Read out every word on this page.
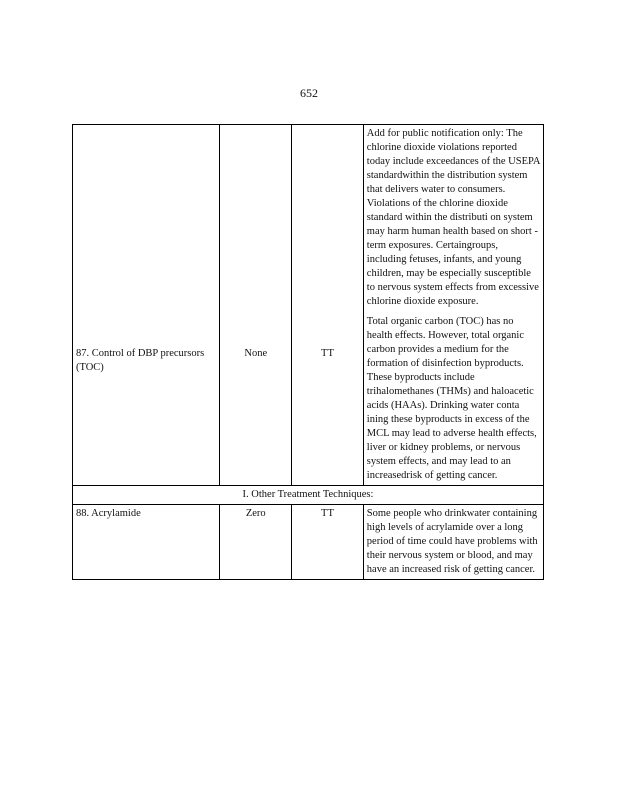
652
87. Control of DBP precursors (TOC)	None	TT	Add for public notification only: The chlorine dioxide violations reported today include exceedances of the USEPA standardwithin the distribution system that delivers water to consumers. Violations of the chlorine dioxide standard within the distributi on system may harm human health based on short - term exposures. Certaingroups, including fetuses, infants, and young children, may be especially susceptible to nervous system effects from excessive chlorine dioxide exposure.

Total organic carbon (TOC) has no health effects. However, total organic carbon provides a medium for the formation of disinfection byproducts. These byproducts include trihalomethanes (THMs) and haloacetic acids (HAAs). Drinking water conta ining these byproducts in excess of the MCL may lead to adverse health effects, liver or kidney problems, or nervous system effects, and may lead to an increasedrisk of getting cancer.

I. Other Treatment Techniques:			
88. Acrylamide	Zero	TT	Some people who drinkwater containing high levels of acrylamide over a long period of time could have problems with their nervous system or blood, and may have an increased risk of getting cancer.
